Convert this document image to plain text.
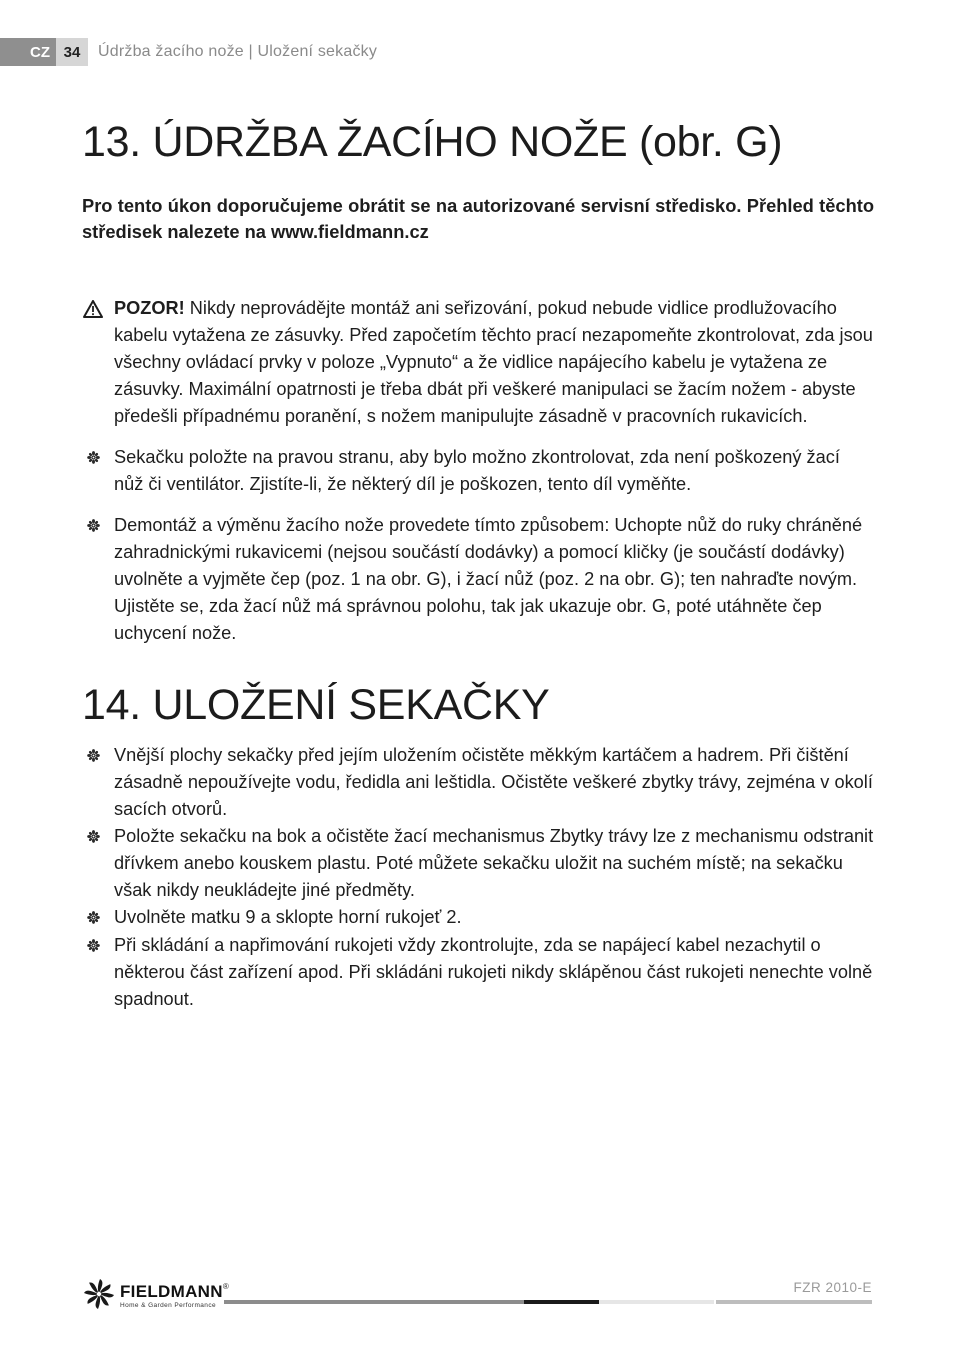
CZ 34	Údržba žacího nože | Uložení sekačky
13. ÚDRŽBA ŽACÍHO NOŽE (obr. G)
Pro tento úkon doporučujeme obrátit se na autorizované servisní středisko. Přehled těchto středisek nalezete na www.fieldmann.cz
POZOR! Nikdy neprovádějte montáž ani seřizování, pokud nebude vidlice prodlužovacího kabelu vytažena ze zásuvky. Před započetím těchto prací nezapomeňte zkontrolovat, zda jsou všechny ovládací prvky v poloze „Vypnuto“ a že vidlice napájecího kabelu je vytažena ze zásuvky. Maximální opatrnosti je třeba dbát při veškeré manipulaci se žacím nožem - abyste předešli případnému poranění, s nožem manipulujte zásadně v pracovních rukavicích.
Sekačku položte na pravou stranu, aby bylo možno zkontrolovat, zda není poškozený žací nůž či ventilátor. Zjistíte-li, že některý díl je poškozen, tento díl vyměňte.
Demontáž a výměnu žacího nože provedete tímto způsobem: Uchopte nůž do ruky chráněné zahradnickými rukavicemi (nejsou součástí dodávky) a pomocí kličky (je součástí dodávky) uvolněte a vyjměte čep (poz. 1 na obr. G), i žací nůž (poz. 2 na obr. G); ten nahraďte novým. Ujistěte se, zda žací nůž má správnou polohu, tak jak ukazuje obr. G, poté utáhněte čep uchycení nože.
14. ULOŽENÍ SEKAČKY
Vnější plochy sekačky před jejím uložením očistěte měkkým kartáčem a hadrem. Při čištění zásadně nepoužívejte vodu, ředidla ani leštidla. Očistěte veškeré zbytky trávy, zejména v okolí sacích otvorů.
Položte sekačku na bok a očistěte žací mechanismus Zbytky trávy lze z mechanismu odstranit dřívkem anebo kouskem plastu. Poté můžete sekačku uložit na suchém místě; na sekačku však nikdy neukládejte jiné předměty.
Uvolněte matku 9 a sklopte horní rukojeť 2.
Při skládání a napřimování rukojeti vždy zkontrolujte, zda se napájecí kabel nezachytil o některou část zařízení apod. Při skládáni rukojeti nikdy sklápěnou část rukojeti nenechte volně spadnout.
FIELDMANN®
Home & Garden Performance
FZR 2010-E
